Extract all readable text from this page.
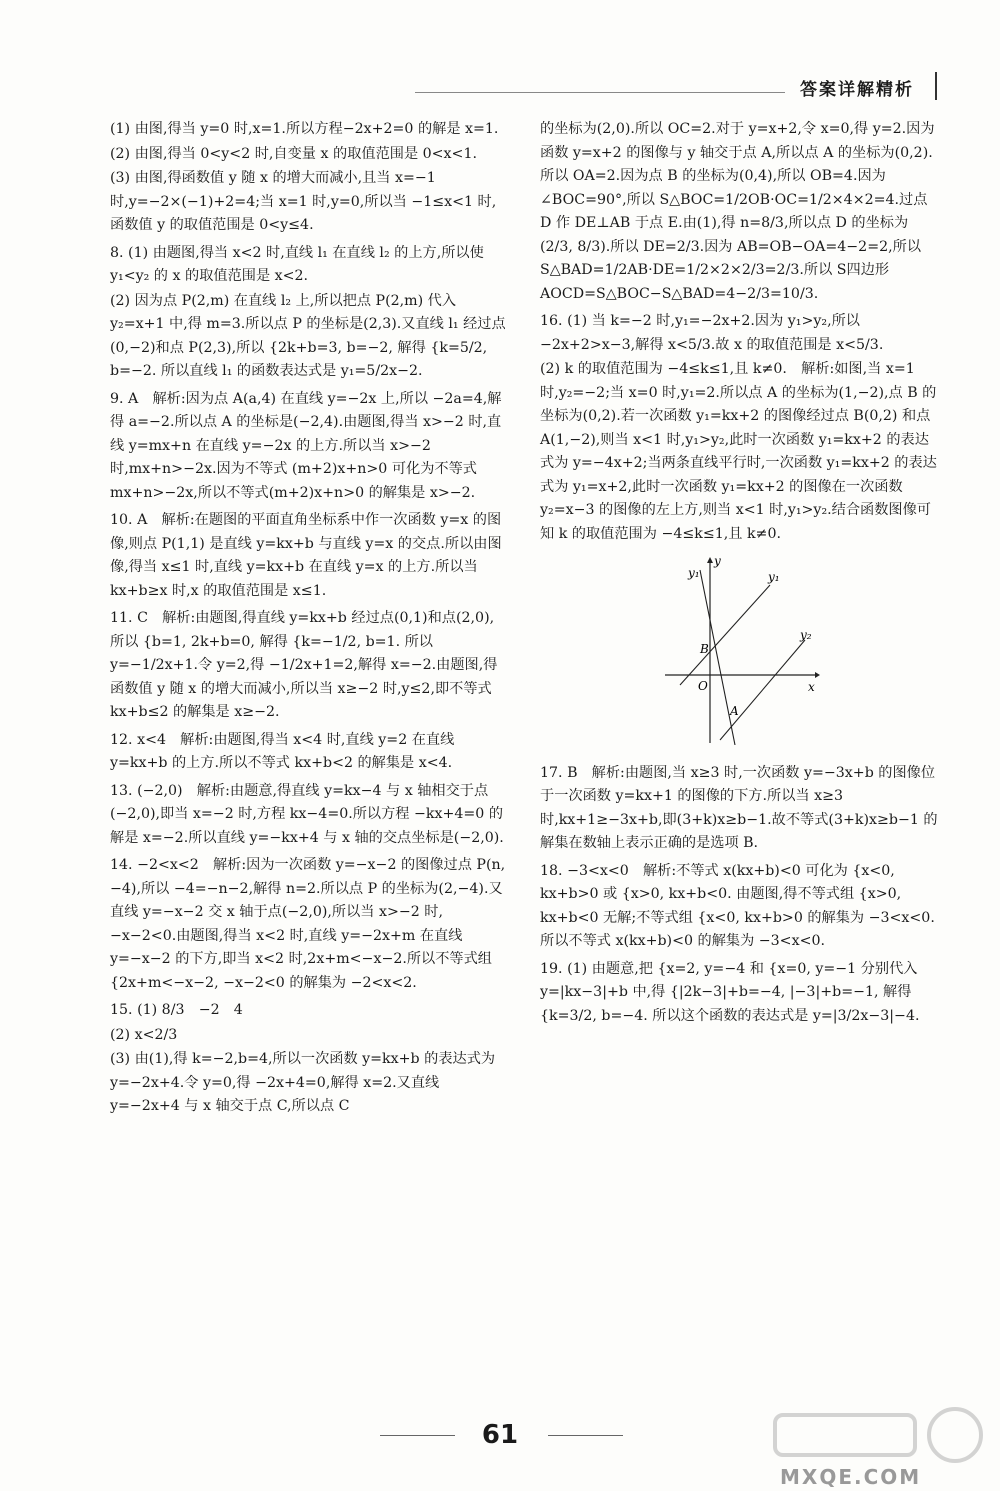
答案详解精析

(1) 由图,得当 y=0 时,x=1.所以方程−2x+2=0 的解是 x=1.

(2) 由图,得当 0<y<2 时,自变量 x 的取值范围是 0<x<1.

(3) 由图,得函数值 y 随 x 的增大而减小,且当 x=−1 时,y=−2×(−1)+2=4;当 x=1 时,y=0,所以当 −1≤x<1 时,函数值 y 的取值范围是 0<y≤4.

8. (1) 由题图,得当 x<2 时,直线 l₁ 在直线 l₂ 的上方,所以使 y₁<y₂ 的 x 的取值范围是 x<2.

(2) 因为点 P(2,m) 在直线 l₂ 上,所以把点 P(2,m) 代入 y₂=x+1 中,得 m=3.所以点 P 的坐标是(2,3).又直线 l₁ 经过点(0,−2)和点 P(2,3),所以 {2k+b=3, b=−2, 解得 {k=5/2, b=−2. 所以直线 l₁ 的函数表达式是 y₁=5/2x−2.

9. A　解析:因为点 A(a,4) 在直线 y=−2x 上,所以 −2a=4,解得 a=−2.所以点 A 的坐标是(−2,4).由题图,得当 x>−2 时,直线 y=mx+n 在直线 y=−2x 的上方.所以当 x>−2 时,mx+n>−2x.因为不等式 (m+2)x+n>0 可化为不等式 mx+n>−2x,所以不等式(m+2)x+n>0 的解集是 x>−2.

10. A　解析:在题图的平面直角坐标系中作一次函数 y=x 的图像,则点 P(1,1) 是直线 y=kx+b 与直线 y=x 的交点.所以由图像,得当 x≤1 时,直线 y=kx+b 在直线 y=x 的上方.所以当 kx+b≥x 时,x 的取值范围是 x≤1.

11. C　解析:由题图,得直线 y=kx+b 经过点(0,1)和点(2,0),所以 {b=1, 2k+b=0, 解得 {k=−1/2, b=1. 所以 y=−1/2x+1.令 y=2,得 −1/2x+1=2,解得 x=−2.由题图,得函数值 y 随 x 的增大而减小,所以当 x≥−2 时,y≤2,即不等式 kx+b≤2 的解集是 x≥−2.

12. x<4　解析:由题图,得当 x<4 时,直线 y=2 在直线 y=kx+b 的上方.所以不等式 kx+b<2 的解集是 x<4.

13. (−2,0)　解析:由题意,得直线 y=kx−4 与 x 轴相交于点(−2,0),即当 x=−2 时,方程 kx−4=0.所以方程 −kx+4=0 的解是 x=−2.所以直线 y=−kx+4 与 x 轴的交点坐标是(−2,0).

14. −2<x<2　解析:因为一次函数 y=−x−2 的图像过点 P(n,−4),所以 −4=−n−2,解得 n=2.所以点 P 的坐标为(2,−4).又直线 y=−x−2 交 x 轴于点(−2,0),所以当 x>−2 时,−x−2<0.由题图,得当 x<2 时,直线 y=−2x+m 在直线 y=−x−2 的下方,即当 x<2 时,2x+m<−x−2.所以不等式组 {2x+m<−x−2, −x−2<0 的解集为 −2<x<2.

15. (1) 8/3　−2　4

(2) x<2/3

(3) 由(1),得 k=−2,b=4,所以一次函数 y=kx+b 的表达式为 y=−2x+4.令 y=0,得 −2x+4=0,解得 x=2.又直线 y=−2x+4 与 x 轴交于点 C,所以点 C

的坐标为(2,0).所以 OC=2.对于 y=x+2,令 x=0,得 y=2.因为函数 y=x+2 的图像与 y 轴交于点 A,所以点 A 的坐标为(0,2).所以 OA=2.因为点 B 的坐标为(0,4),所以 OB=4.因为 ∠BOC=90°,所以 S△BOC=1/2OB·OC=1/2×4×2=4.过点 D 作 DE⊥AB 于点 E.由(1),得 n=8/3,所以点 D 的坐标为 (2/3, 8/3).所以 DE=2/3.因为 AB=OB−OA=4−2=2,所以 S△BAD=1/2AB·DE=1/2×2×2/3=2/3.所以 S四边形AOCD=S△BOC−S△BAD=4−2/3=10/3.

16. (1) 当 k=−2 时,y₁=−2x+2.因为 y₁>y₂,所以 −2x+2>x−3,解得 x<5/3.故 x 的取值范围是 x<5/3.

(2) k 的取值范围为 −4≤k≤1,且 k≠0.　解析:如图,当 x=1 时,y₂=−2;当 x=0 时,y₁=2.所以点 A 的坐标为(1,−2),点 B 的坐标为(0,2).若一次函数 y₁=kx+2 的图像经过点 B(0,2) 和点 A(1,−2),则当 x<1 时,y₁>y₂,此时一次函数 y₁=kx+2 的表达式为 y=−4x+2;当两条直线平行时,一次函数 y₁=kx+2 的表达式为 y₁=x+2,此时一次函数 y₁=kx+2 的图像在一次函数 y₂=x−3 的图像的左上方,则当 x<1 时,y₁>y₂.结合函数图像可知 k 的取值范围为 −4≤k≤1,且 k≠0.

y₁	y₁
y₂
y
x
B
O
A

17. B　解析:由题图,当 x≥3 时,一次函数 y=−3x+b 的图像位于一次函数 y=kx+1 的图像的下方.所以当 x≥3 时,kx+1≥−3x+b,即(3+k)x≥b−1.故不等式(3+k)x≥b−1 的解集在数轴上表示正确的是选项 B.

18. −3<x<0　解析:不等式 x(kx+b)<0 可化为 {x<0, kx+b>0 或 {x>0, kx+b<0. 由题图,得不等式组 {x>0, kx+b<0 无解;不等式组 {x<0, kx+b>0 的解集为 −3<x<0.所以不等式 x(kx+b)<0 的解集为 −3<x<0.

19. (1) 由题意,把 {x=2, y=−4 和 {x=0, y=−1 分别代入 y=|kx−3|+b 中,得 {|2k−3|+b=−4, |−3|+b=−1, 解得 {k=3/2, b=−4. 所以这个函数的表达式是 y=|3/2x−3|−4.

61
MXQE.COM
